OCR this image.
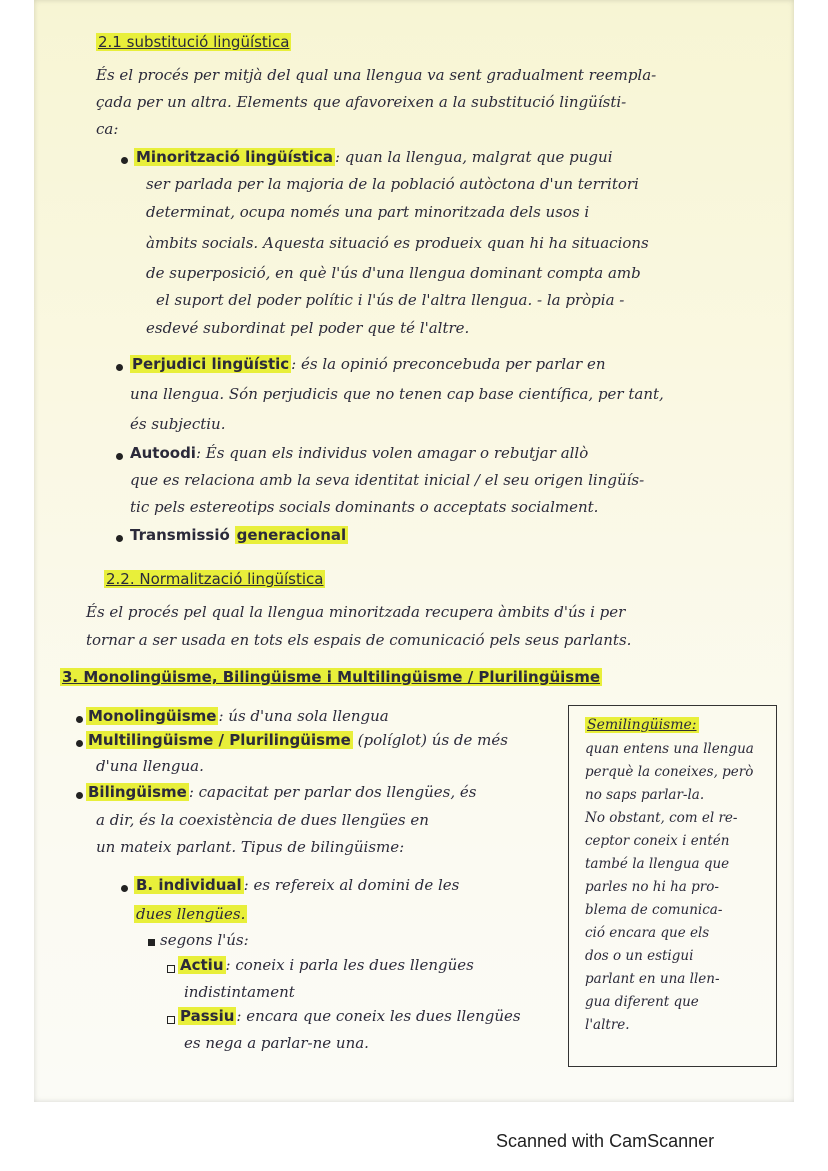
2.1 substitució lingüística
És el procés per mitjà del qual una llengua va sent gradualment reempla-
çada per un altra. Elements que afavoreixen a la substitució lingüísti-
ca:
Minorització lingüística : quan la llengua, malgrat que pugui
ser parlada per la majoria de la població autòctona d'un territori
determinat, ocupa només una part minoritzada dels usos i
àmbits socials. Aquesta situació es produeix quan hi ha situacions
de superposició, en què l'ús d'una llengua dominant compta amb
el suport del poder polític i l'ús de l'altra llengua. - la pròpia -
esdevé subordinat pel poder que té l'altre.
Perjudici lingüístic : és la opinió preconcebuda per parlar en
una llengua. Són perjudicis que no tenen cap base científica, per tant,
és subjectiu.
Autoodi: És quan els individus volen amagar o rebutjar allò
que es relaciona amb la seva identitat inicial / el seu origen lingüís-
tic pels estereotips socials dominants o acceptats socialment.
Transmissió generacional
2.2. Normalització lingüística
És el procés pel qual la llengua minoritzada recupera àmbits d'ús i per
tornar a ser usada en tots els espais de comunicació pels seus parlants.
3. Monolingüisme, Bilingüisme i Multilingüisme / Plurilingüisme
Monolingüisme : ús d'una sola llengua
Multilingüisme / Plurilingüisme (políglot) ús de més
d'una llengua.
Bilingüisme : capacitat per parlar dos llengües, és
a dir, és la coexistència de dues llengües en
un mateix parlant. Tipus de bilingüisme:
B. individual : es refereix al domini de les
dues llengües.
segons l'ús:
Actiu : coneix i parla les dues llengües
indistintament
Passiu : encara que coneix les dues llengües
es nega a parlar-ne una.
Semilingüisme:
quan entens una llengua
perquè la coneixes, però
no saps parlar-la.
No obstant, com el re-
ceptor coneix i entén
també la llengua que
parles no hi ha pro-
blema de comunica-
ció encara que els
dos o un estigui
parlant en una llen-
gua diferent que
l'altre.
Scanned with CamScanner
